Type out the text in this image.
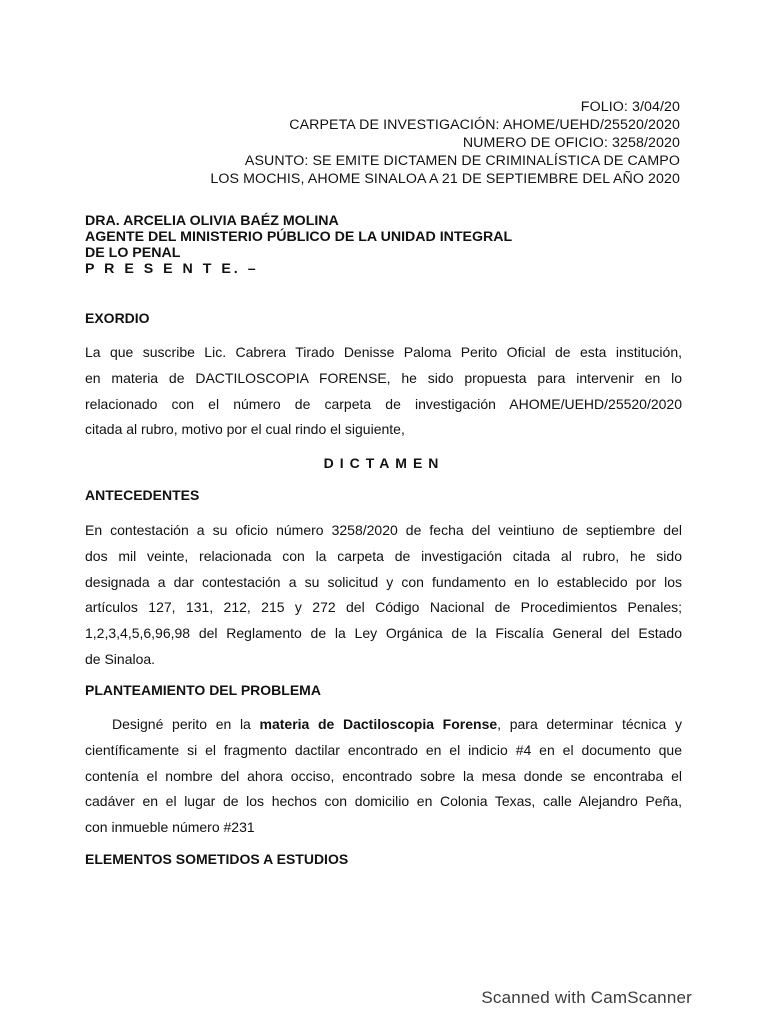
FOLIO: 3/04/20
CARPETA DE INVESTIGACIÓN: AHOME/UEHD/25520/2020
NUMERO DE OFICIO: 3258/2020
ASUNTO: SE EMITE DICTAMEN DE CRIMINALÍSTICA DE CAMPO
LOS MOCHIS, AHOME SINALOA A 21 DE SEPTIEMBRE DEL AÑO 2020
DRA. ARCELIA OLIVIA BAÉZ MOLINA
AGENTE DEL MINISTERIO PÚBLICO DE LA UNIDAD INTEGRAL
DE LO PENAL
P R E S E N T E. –
EXORDIO
La que suscribe Lic. Cabrera Tirado Denisse Paloma Perito Oficial de esta institución,
en materia de DACTILOSCOPIA FORENSE, he sido propuesta para intervenir en lo
relacionado con el número de carpeta de investigación AHOME/UEHD/25520/2020
citada al rubro, motivo por el cual rindo el siguiente,
DICTAMEN
ANTECEDENTES
En contestación a su oficio número 3258/2020 de fecha del veintiuno de septiembre del
dos mil veinte, relacionada con la carpeta de investigación citada al rubro, he sido
designada a dar contestación a su solicitud y con fundamento en lo establecido por los
artículos 127, 131, 212, 215 y 272 del Código Nacional de Procedimientos Penales;
1,2,3,4,5,6,96,98 del Reglamento de la Ley Orgánica de la Fiscalía General del Estado
de Sinaloa.
PLANTEAMIENTO DEL PROBLEMA
Designé perito en la materia de Dactiloscopia Forense, para determinar técnica y
científicamente si el fragmento dactilar encontrado en el indicio #4 en el documento que
contenía el nombre del ahora occiso, encontrado sobre la mesa donde se encontraba el
cadáver en el lugar de los hechos con domicilio en Colonia Texas, calle Alejandro Peña,
con inmueble número #231
ELEMENTOS SOMETIDOS A ESTUDIOS
Scanned with CamScanner
